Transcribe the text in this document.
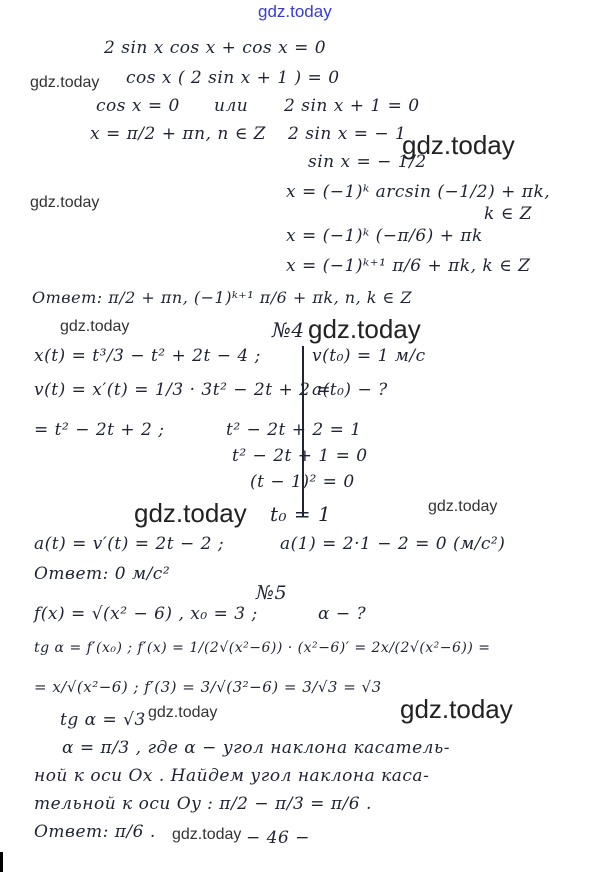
gdz.today
gdz.today
gdz.today
gdz.today
gdz.today	gdz.today
gdz.today	gdz.today
gdz.today	gdz.today
gdz.today
2 sin x cos x + cos x = 0
cos x ( 2 sin x + 1 ) = 0
cos x = 0 или 2 sin x + 1 = 0
x = π/2 + πn, n ∈ Z 2 sin x = − 1
sin x = − 1/2
x = (−1)ᵏ arcsin (−1/2) + πk,
k ∈ Z
x = (−1)ᵏ (−π/6) + πk
x = (−1)ᵏ⁺¹ π/6 + πk, k ∈ Z
Ответ: π/2 + πn, (−1)ᵏ⁺¹ π/6 + πk, n, k ∈ Z
№4
x(t) = t³/3 − t² + 2t − 4 ;	v(t₀) = 1 м/с
v(t) = x′(t) = 1/3 · 3t² − 2t + 2 =
a(t₀) − ?
= t² − 2t + 2 ;	t² − 2t + 2 = 1
t² − 2t + 1 = 0
(t − 1)² = 0
t₀ = 1
a(t) = v′(t) = 2t − 2 ;	a(1) = 2·1 − 2 = 0 (м/с²)
Ответ: 0 м/с²
№5
f(x) = √(x² − 6) , x₀ = 3 ;	α − ?
tg α = f′(x₀) ; f′(x) = 1/(2√(x²−6)) · (x²−6)′ = 2x/(2√(x²−6)) =
= x/√(x²−6) ; f′(3) = 3/√(3²−6) = 3/√3 = √3
tg α = √3
α = π/3 , где α − угол наклона касатель-
ной к оси Ox . Найдем угол наклона каса-
тельной к оси Oy : π/2 − π/3 = π/6 .
Ответ: π/6 .	− 46 −
